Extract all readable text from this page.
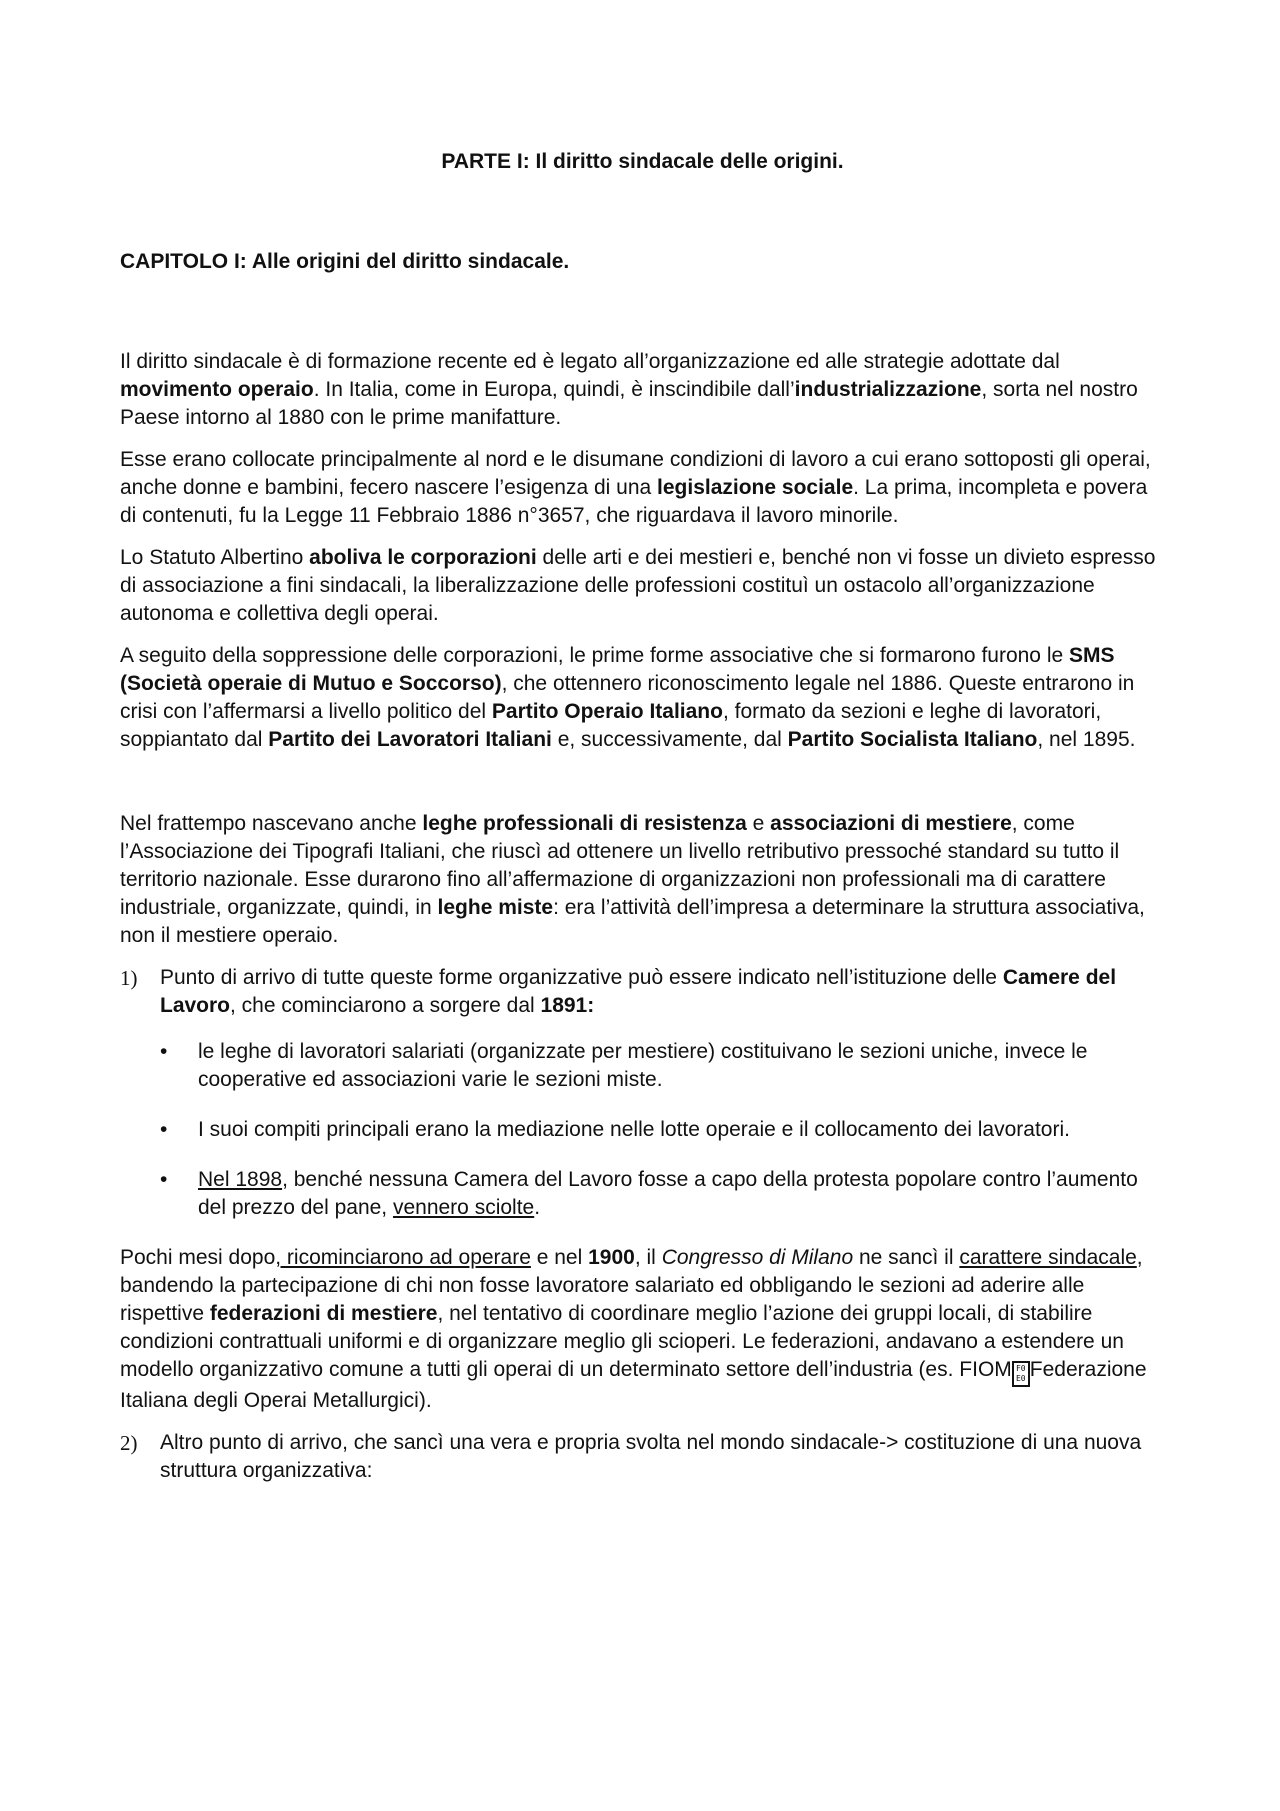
PARTE I: Il diritto sindacale delle origini.
CAPITOLO I: Alle origini del diritto sindacale.

Il diritto sindacale è di formazione recente ed è legato all’organizzazione ed alle strategie adottate dal movimento operaio. In Italia, come in Europa, quindi, è inscindibile dall’industrializzazione, sorta nel nostro Paese intorno al 1880 con le prime manifatture.

Esse erano collocate principalmente al nord e le disumane condizioni di lavoro a cui erano sottoposti gli operai, anche donne e bambini, fecero nascere l’esigenza di una legislazione sociale. La prima, incompleta e povera di contenuti, fu la Legge 11 Febbraio 1886 n°3657, che riguardava il lavoro minorile.

Lo Statuto Albertino aboliva le corporazioni delle arti e dei mestieri e, benché non vi fosse un divieto espresso di associazione a fini sindacali, la liberalizzazione delle professioni costituì un ostacolo all’organizzazione autonoma e collettiva degli operai.

A seguito della soppressione delle corporazioni, le prime forme associative che si formarono furono le SMS (Società operaie di Mutuo e Soccorso), che ottennero riconoscimento legale nel 1886. Queste entrarono in crisi con l’affermarsi a livello politico del Partito Operaio Italiano, formato da sezioni e leghe di lavoratori, soppiantato dal Partito dei Lavoratori Italiani e, successivamente, dal Partito Socialista Italiano, nel 1895.

Nel frattempo nascevano anche leghe professionali di resistenza e associazioni di mestiere, come l’Associazione dei Tipografi Italiani, che riuscì ad ottenere un livello retributivo pressoché standard su tutto il territorio nazionale. Esse durarono fino all’affermazione di organizzazioni non professionali ma di carattere industriale, organizzate, quindi, in leghe miste: era l’attività dell’impresa a determinare la struttura associativa, non il mestiere operaio.

1)	Punto di arrivo di tutte queste forme organizzative può essere indicato nell’istituzione delle Camere del Lavoro, che cominciarono a sorgere dal 1891:
•	le leghe di lavoratori salariati (organizzate per mestiere) costituivano le sezioni uniche, invece le cooperative ed associazioni varie le sezioni miste.
•	I suoi compiti principali erano la mediazione nelle lotte operaie e il collocamento dei lavoratori.
•	Nel 1898, benché nessuna Camera del Lavoro fosse a capo della protesta popolare contro l’aumento del prezzo del pane, vennero sciolte.

Pochi mesi dopo, ricominciarono ad operare e nel 1900, il Congresso di Milano ne sancì il carattere sindacale, bandendo la partecipazione di chi non fosse lavoratore salariato ed obbligando le sezioni ad aderire alle rispettive federazioni di mestiere, nel tentativo di coordinare meglio l’azione dei gruppi locali, di stabilire condizioni contrattuali uniformi e di organizzare meglio gli scioperi. Le federazioni, andavano a estendere un modello organizzativo comune a tutti gli operai di un determinato settore dell’industria (es. FIOM F0
E0 Federazione Italiana degli Operai Metallurgici).

2)	Altro punto di arrivo, che sancì una vera e propria svolta nel mondo sindacale-> costituzione di una nuova struttura organizzativa:
